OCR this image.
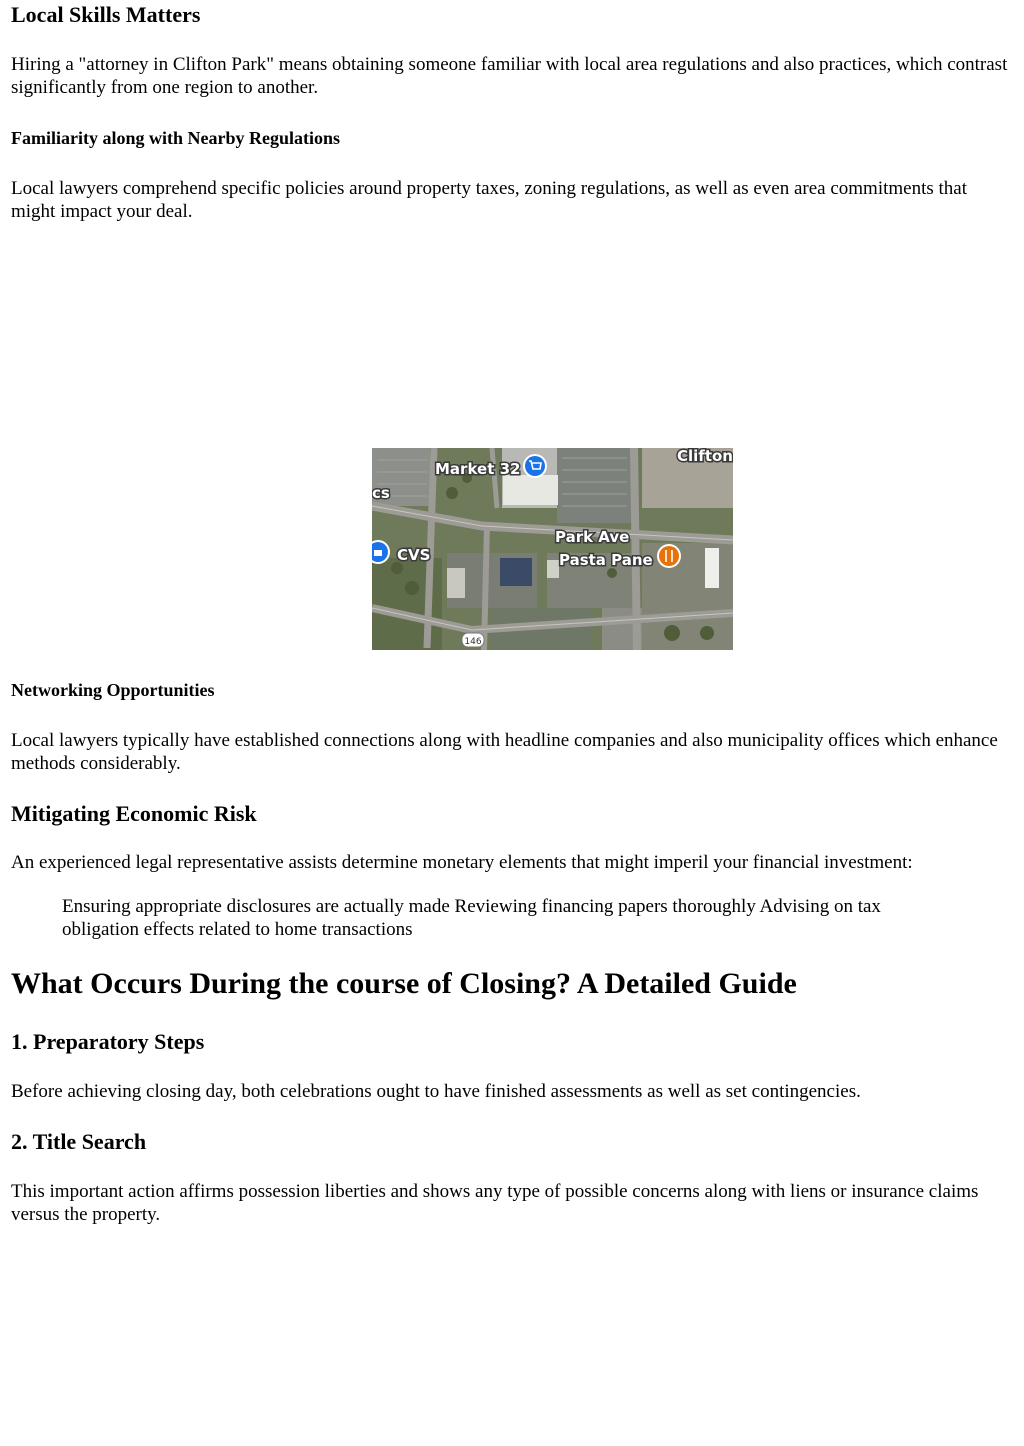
Local Skills Matters

Hiring a "attorney in Clifton Park" means obtaining someone familiar with local area regulations and also practices, which contrast significantly from one region to another.

Familiarity along with Nearby Regulations

Local lawyers comprehend specific policies around property taxes, zoning regulations, as well as even area commitments that might impact your deal.

Networking Opportunities

Local lawyers typically have established connections along with headline companies and also municipality offices which enhance methods considerably.

Mitigating Economic Risk

An experienced legal representative assists determine monetary elements that might imperil your financial investment:

Ensuring appropriate disclosures are actually made Reviewing financing papers thoroughly Advising on tax obligation effects related to home transactions
What Occurs During the course of Closing? A Detailed Guide
1. Preparatory Steps

Before achieving closing day, both celebrations ought to have finished assessments as well as set contingencies.

2. Title Search

This important action affirms possession liberties and shows any type of possible concerns along with liens or insurance claims versus the property.

Market 32
Clifton
cs
Park Ave
CVS	Pasta Pane
146
